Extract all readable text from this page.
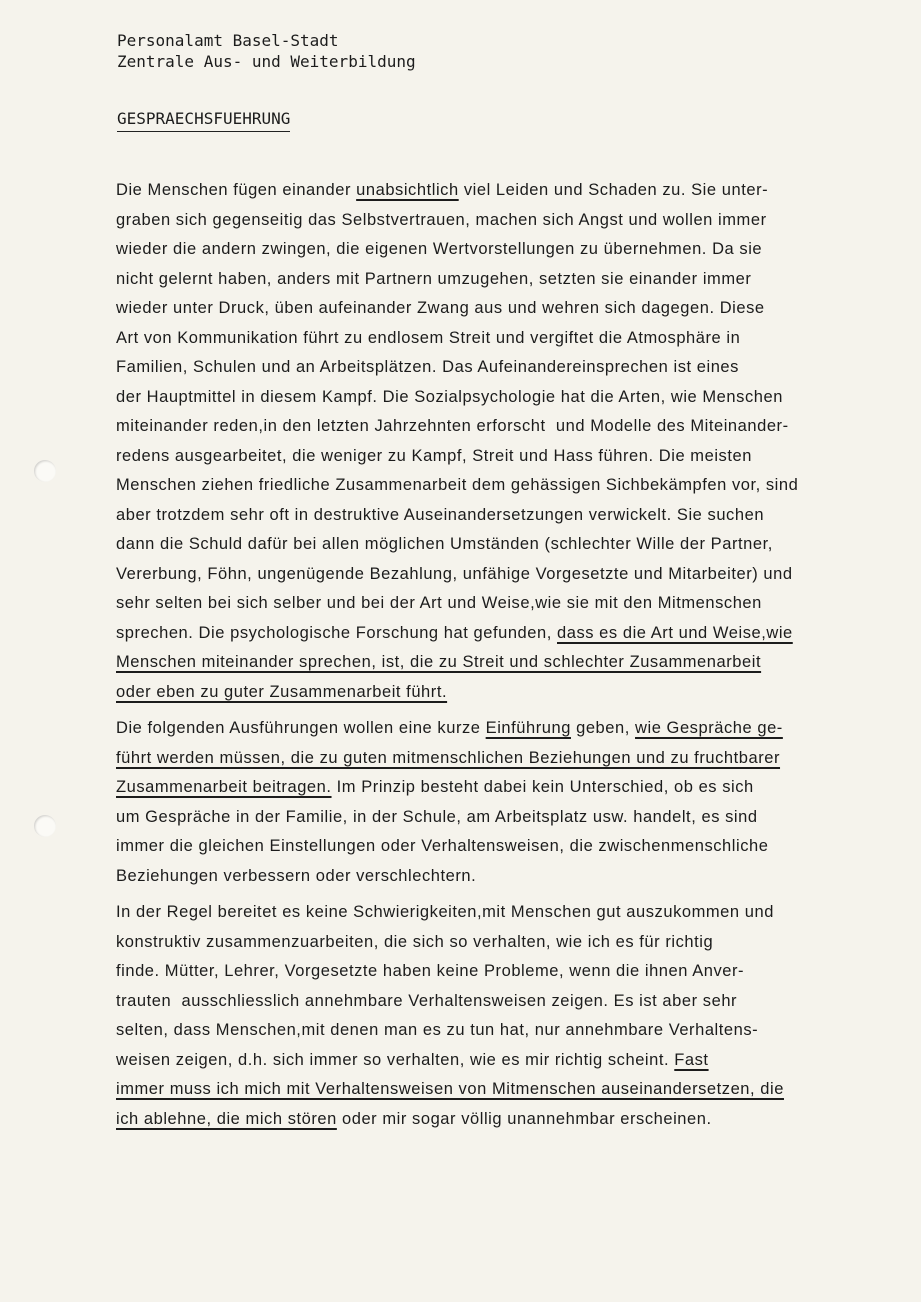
Personalamt Basel-Stadt
Zentrale Aus- und Weiterbildung
GESPRAECHSFUEHRUNG
Die Menschen fügen einander unabsichtlich viel Leiden und Schaden zu. Sie unter-
graben sich gegenseitig das Selbstvertrauen, machen sich Angst und wollen immer
wieder die andern zwingen, die eigenen Wertvorstellungen zu übernehmen. Da sie
nicht gelernt haben, anders mit Partnern umzugehen, setzten sie einander immer
wieder unter Druck, üben aufeinander Zwang aus und wehren sich dagegen. Diese
Art von Kommunikation führt zu endlosem Streit und vergiftet die Atmosphäre in
Familien, Schulen und an Arbeitsplätzen. Das Aufeinandereinsprechen ist eines
der Hauptmittel in diesem Kampf. Die Sozialpsychologie hat die Arten, wie Menschen
miteinander reden,in den letzten Jahrzehnten erforscht  und Modelle des Miteinander-
redens ausgearbeitet, die weniger zu Kampf, Streit und Hass führen. Die meisten
Menschen ziehen friedliche Zusammenarbeit dem gehässigen Sichbekämpfen vor, sind
aber trotzdem sehr oft in destruktive Auseinandersetzungen verwickelt. Sie suchen
dann die Schuld dafür bei allen möglichen Umständen (schlechter Wille der Partner,
Vererbung, Föhn, ungenügende Bezahlung, unfähige Vorgesetzte und Mitarbeiter) und
sehr selten bei sich selber und bei der Art und Weise,wie sie mit den Mitmenschen
sprechen. Die psychologische Forschung hat gefunden, dass es die Art und Weise,wie
Menschen miteinander sprechen, ist, die zu Streit und schlechter Zusammenarbeit
oder eben zu guter Zusammenarbeit führt.
Die folgenden Ausführungen wollen eine kurze Einführung geben, wie Gespräche ge-
führt werden müssen, die zu guten mitmenschlichen Beziehungen und zu fruchtbarer
Zusammenarbeit beitragen. Im Prinzip besteht dabei kein Unterschied, ob es sich
um Gespräche in der Familie, in der Schule, am Arbeitsplatz usw. handelt, es sind
immer die gleichen Einstellungen oder Verhaltensweisen, die zwischenmenschliche
Beziehungen verbessern oder verschlechtern.
In der Regel bereitet es keine Schwierigkeiten,mit Menschen gut auszukommen und
konstruktiv zusammenzuarbeiten, die sich so verhalten, wie ich es für richtig
finde. Mütter, Lehrer, Vorgesetzte haben keine Probleme, wenn die ihnen Anver-
trauten  ausschliesslich annehmbare Verhaltensweisen zeigen. Es ist aber sehr
selten, dass Menschen,mit denen man es zu tun hat, nur annehmbare Verhaltens-
weisen zeigen, d.h. sich immer so verhalten, wie es mir richtig scheint. Fast
immer muss ich mich mit Verhaltensweisen von Mitmenschen auseinandersetzen, die
ich ablehne, die mich stören oder mir sogar völlig unannehmbar erscheinen.
